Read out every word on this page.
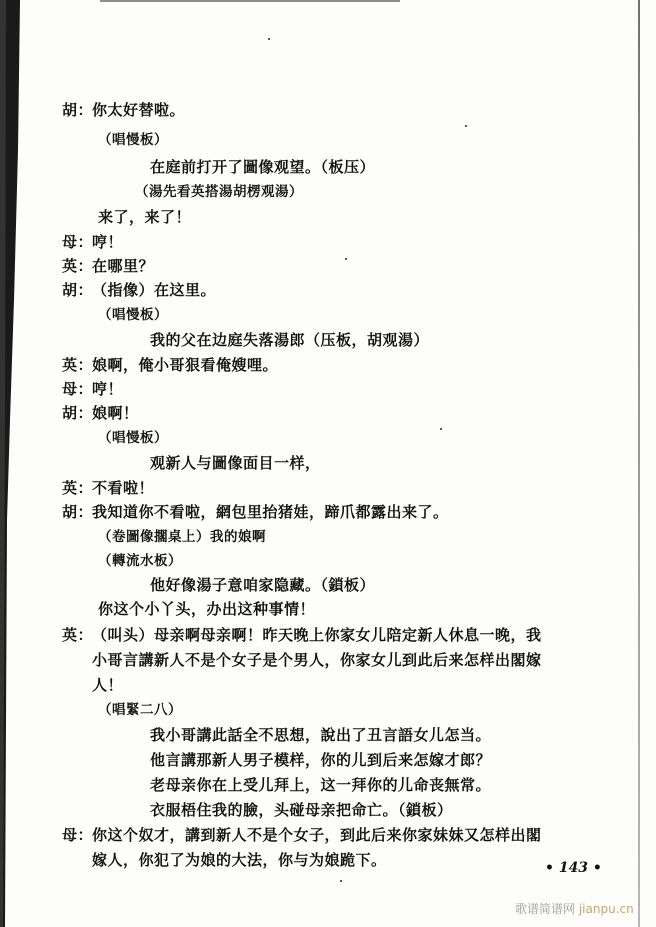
胡：你太好替啦。
（唱慢板）
在庭前打开了圖像观望。（板压）
（湯先看英搭湯胡楞观湯）
来了，来了！
母：哼！
英：在哪里？
胡：（指像）在这里。
（唱慢板）
我的父在边庭失落湯郎（压板，胡观湯）
英：娘啊，俺小哥狠看俺嫂哩。
母：哼！
胡：娘啊！
（唱慢板）
观新人与圖像面目一样，
英：不看啦！
胡：我知道你不看啦，網包里抬猪娃，蹄爪都露出来了。
（卷圖像擱桌上）我的娘啊
（轉流水板）
他好像湯子意咱家隐藏。（鎖板）
你这个小丫头，办出这种事情！
英：（叫头）母亲啊母亲啊！昨天晚上你家女儿陪定新人休息一晚，我
小哥言講新人不是个女子是个男人，你家女儿到此后来怎样出閣嫁
人！
（唱緊二八）
我小哥講此話全不思想，說出了丑言語女儿怎当。
他言講那新人男子模样，你的儿到后来怎嫁才郎？
老母亲你在上受儿拜上，这一拜你的儿命丧無常。
衣服梧住我的臉，头碰母亲把命亡。（鎖板）
母：你这个奴才，講到新人不是个女子，到此后来你家妹妹又怎样出閣
嫁人，你犯了为娘的大法，你与为娘跪下。	• 143 •
歌谱简谱网 jianpu.cn
